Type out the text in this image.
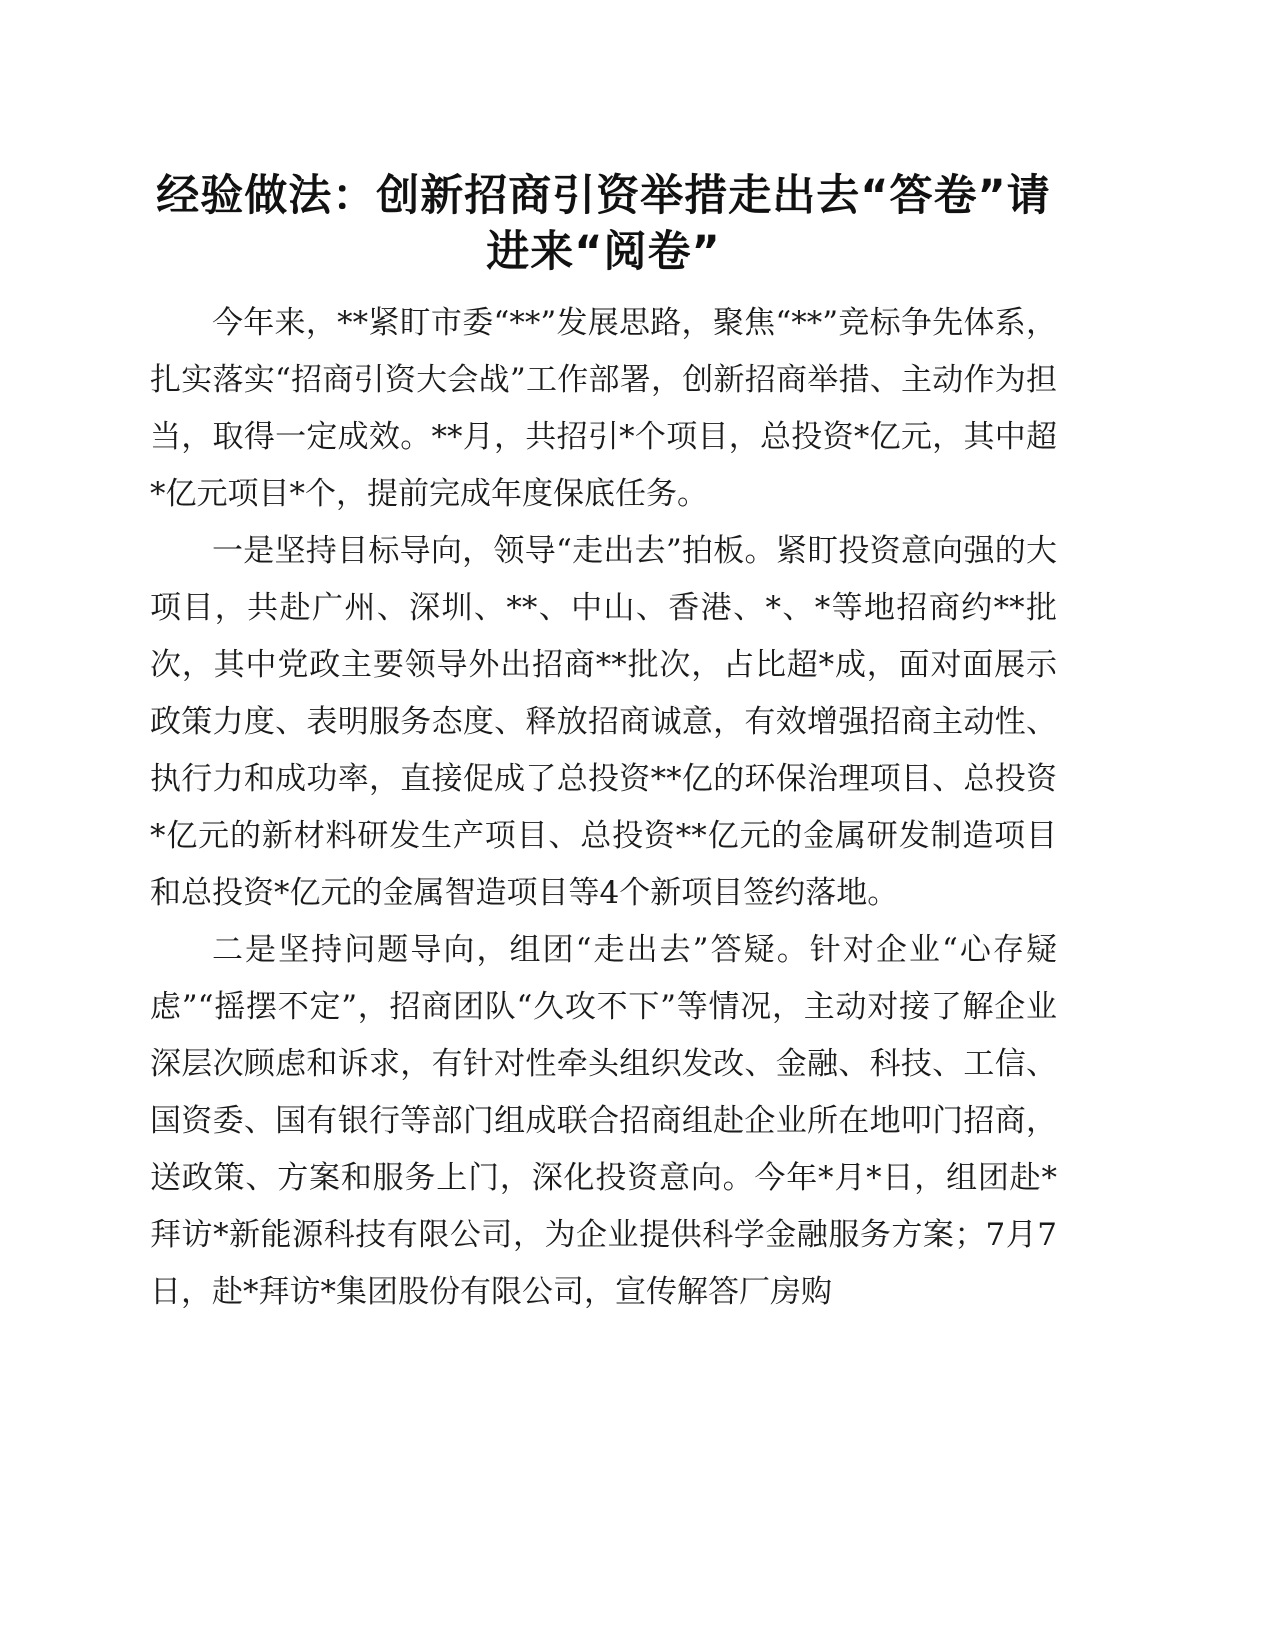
经验做法：创新招商引资举措走出去“答卷”请进来“阅卷”

今年来，**紧盯市委“**”发展思路，聚焦“**”竞标争先体系，扎实落实“招商引资大会战”工作部署，创新招商举措、主动作为担当，取得一定成效。**月，共招引*个项目，总投资*亿元，其中超*亿元项目*个，提前完成年度保底任务。

一是坚持目标导向，领导“走出去”拍板。紧盯投资意向强的大项目，共赴广州、深圳、**、中山、香港、*、*等地招商约**批次，其中党政主要领导外出招商**批次，占比超*成，面对面展示政策力度、表明服务态度、释放招商诚意，有效增强招商主动性、执行力和成功率，直接促成了总投资**亿的环保治理项目、总投资*亿元的新材料研发生产项目、总投资**亿元的金属研发制造项目和总投资*亿元的金属智造项目等4个新项目签约落地。

二是坚持问题导向，组团“走出去”答疑。针对企业“心存疑虑”“摇摆不定”，招商团队“久攻不下”等情况，主动对接了解企业深层次顾虑和诉求，有针对性牵头组织发改、金融、科技、工信、国资委、国有银行等部门组成联合招商组赴企业所在地叩门招商，送政策、方案和服务上门，深化投资意向。今年*月*日，组团赴*拜访*新能源科技有限公司，为企业提供科学金融服务方案；7月7日，赴*拜访*集团股份有限公司，宣传解答厂房购
